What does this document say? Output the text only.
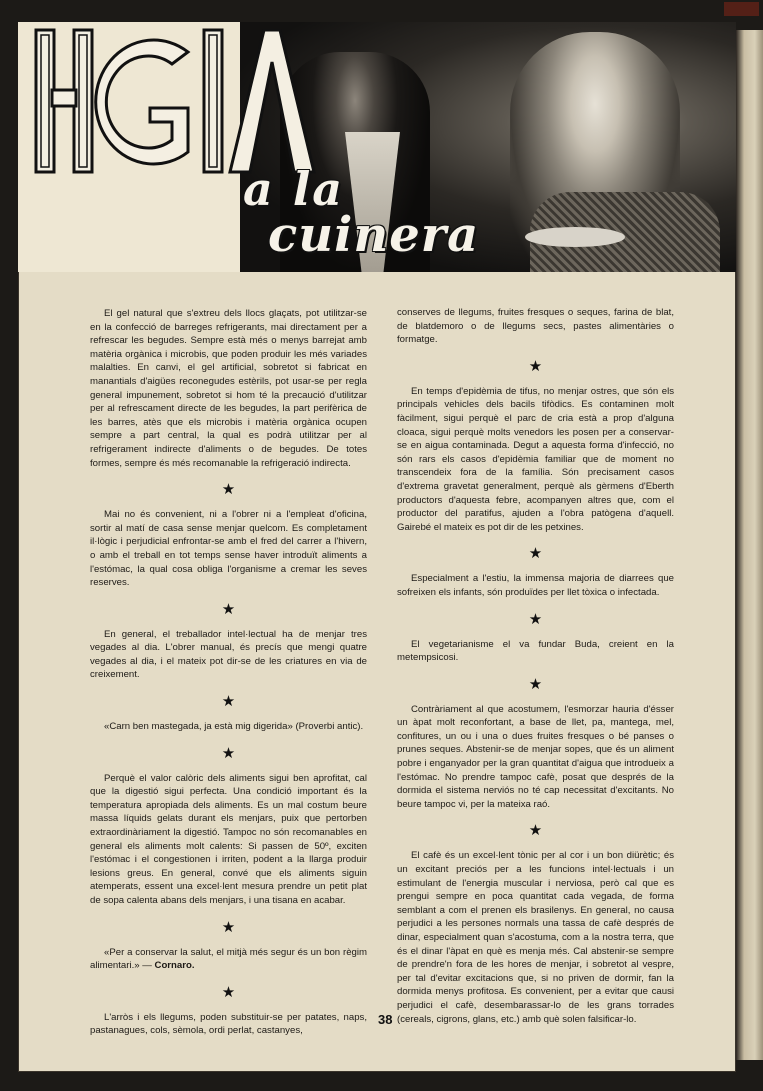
a la
cuinera

El gel natural que s'extreu dels llocs glaçats, pot utilitzar-se en la confecció de barreges refrigerants, mai directament per a refrescar les begudes. Sempre està més o menys barrejat amb matèria orgànica i microbis, que poden produir les més variades malalties. En canvi, el gel artificial, sobretot si fabricat en manantials d'aigües reconegudes estèrils, pot usar-se per regla general impunement, sobretot si hom té la precaució d'utilitzar per al refrescament directe de les begudes, la part perifèrica de les barres, atès que els microbis i matèria orgànica ocupen sempre a part central, la qual es podrà utilitzar per al refrigerament indirecte d'aliments o de begudes. De totes formes, sempre és més recomanable la refrigeració indirecta.

★

Mai no és convenient, ni a l'obrer ni a l'empleat d'oficina, sortir al matí de casa sense menjar quelcom. Es completament il·lògic i perjudicial enfrontar-se amb el fred del carrer a l'hivern, o amb el treball en tot temps sense haver introduït aliments a l'estómac, la qual cosa obliga l'organisme a cremar les seves reserves.

★

En general, el treballador intel·lectual ha de menjar tres vegades al dia. L'obrer manual, és precís que mengi quatre vegades al dia, i el mateix pot dir-se de les criatures en via de creixement.

★

«Carn ben mastegada, ja està mig digerida» (Proverbi antic).

★

Perquè el valor calòric dels aliments sigui ben aprofitat, cal que la digestió sigui perfecta. Una condició important és la temperatura apropiada dels aliments. Es un mal costum beure massa líquids gelats durant els menjars, puix que pertorben extraordinàriament la digestió. Tampoc no són recomanables en general els aliments molt calents: Si passen de 50º, exciten l'estómac i el congestionen i irriten, podent a la llarga produir lesions greus. En general, convé que els aliments siguin atemperats, essent una excel·lent mesura prendre un petit plat de sopa calenta abans dels menjars, i una tisana en acabar.

★

«Per a conservar la salut, el mitjà més segur és un bon règim alimentari.» — Cornaro.

★

L'arròs i els llegums, poden substituir-se per patates, naps, pastanagues, cols, sèmola, ordi perlat, castanyes,

conserves de llegums, fruites fresques o seques, farina de blat, de blatdemoro o de llegums secs, pastes alimentàries o formatge.

★

En temps d'epidèmia de tifus, no menjar ostres, que són els principals vehicles dels bacils tifòdics. Es contaminen molt fàcilment, sigui perquè el parc de cria està a prop d'alguna cloaca, sigui perquè molts venedors les posen per a conservar-se en aigua contaminada. Degut a aquesta forma d'infecció, no són rars els casos d'epidèmia familiar que de moment no transcendeix fora de la família. Són precisament casos d'extrema gravetat generalment, perquè als gèrmens d'Eberth productors d'aquesta febre, acompanyen altres que, com el productor del paratifus, ajuden a l'obra patògena d'aquell. Gairebé el mateix es pot dir de les petxines.

★

Especialment a l'estiu, la immensa majoria de diarrees que sofreixen els infants, són produïdes per llet tòxica o infectada.

★

El vegetarianisme el va fundar Buda, creient en la metempsicosi.

★

Contràriament al que acostumem, l'esmorzar hauria d'ésser un àpat molt reconfortant, a base de llet, pa, mantega, mel, confitures, un ou i una o dues fruites fresques o bé panses o prunes seques. Abstenir-se de menjar sopes, que és un aliment pobre i enganyador per la gran quantitat d'aigua que introdueix a l'estómac. No prendre tampoc cafè, posat que després de la dormida el sistema nerviós no té cap necessitat d'excitants. No beure tampoc vi, per la mateixa raó.

★

El cafè és un excel·lent tònic per al cor i un bon diürètic; és un excitant preciós per a les funcions intel·lectuals i un estimulant de l'energia muscular i nerviosa, però cal que es prengui sempre en poca quantitat cada vegada, de forma semblant a com el prenen els brasilenys. En general, no causa perjudici a les persones normals una tassa de cafè després de dinar, especialment quan s'acostuma, com a la nostra terra, que és el dinar l'àpat en què es menja més. Cal abstenir-se sempre de prendre'n fora de les hores de menjar, i sobretot al vespre, per tal d'evitar excitacions que, si no priven de dormir, fan la dormida menys profitosa. Es convenient, per a evitar que causi perjudici el cafè, desembarassar-lo de les grans torrades (cereals, cigrons, glans, etc.) amb què solen falsificar-lo.

38
